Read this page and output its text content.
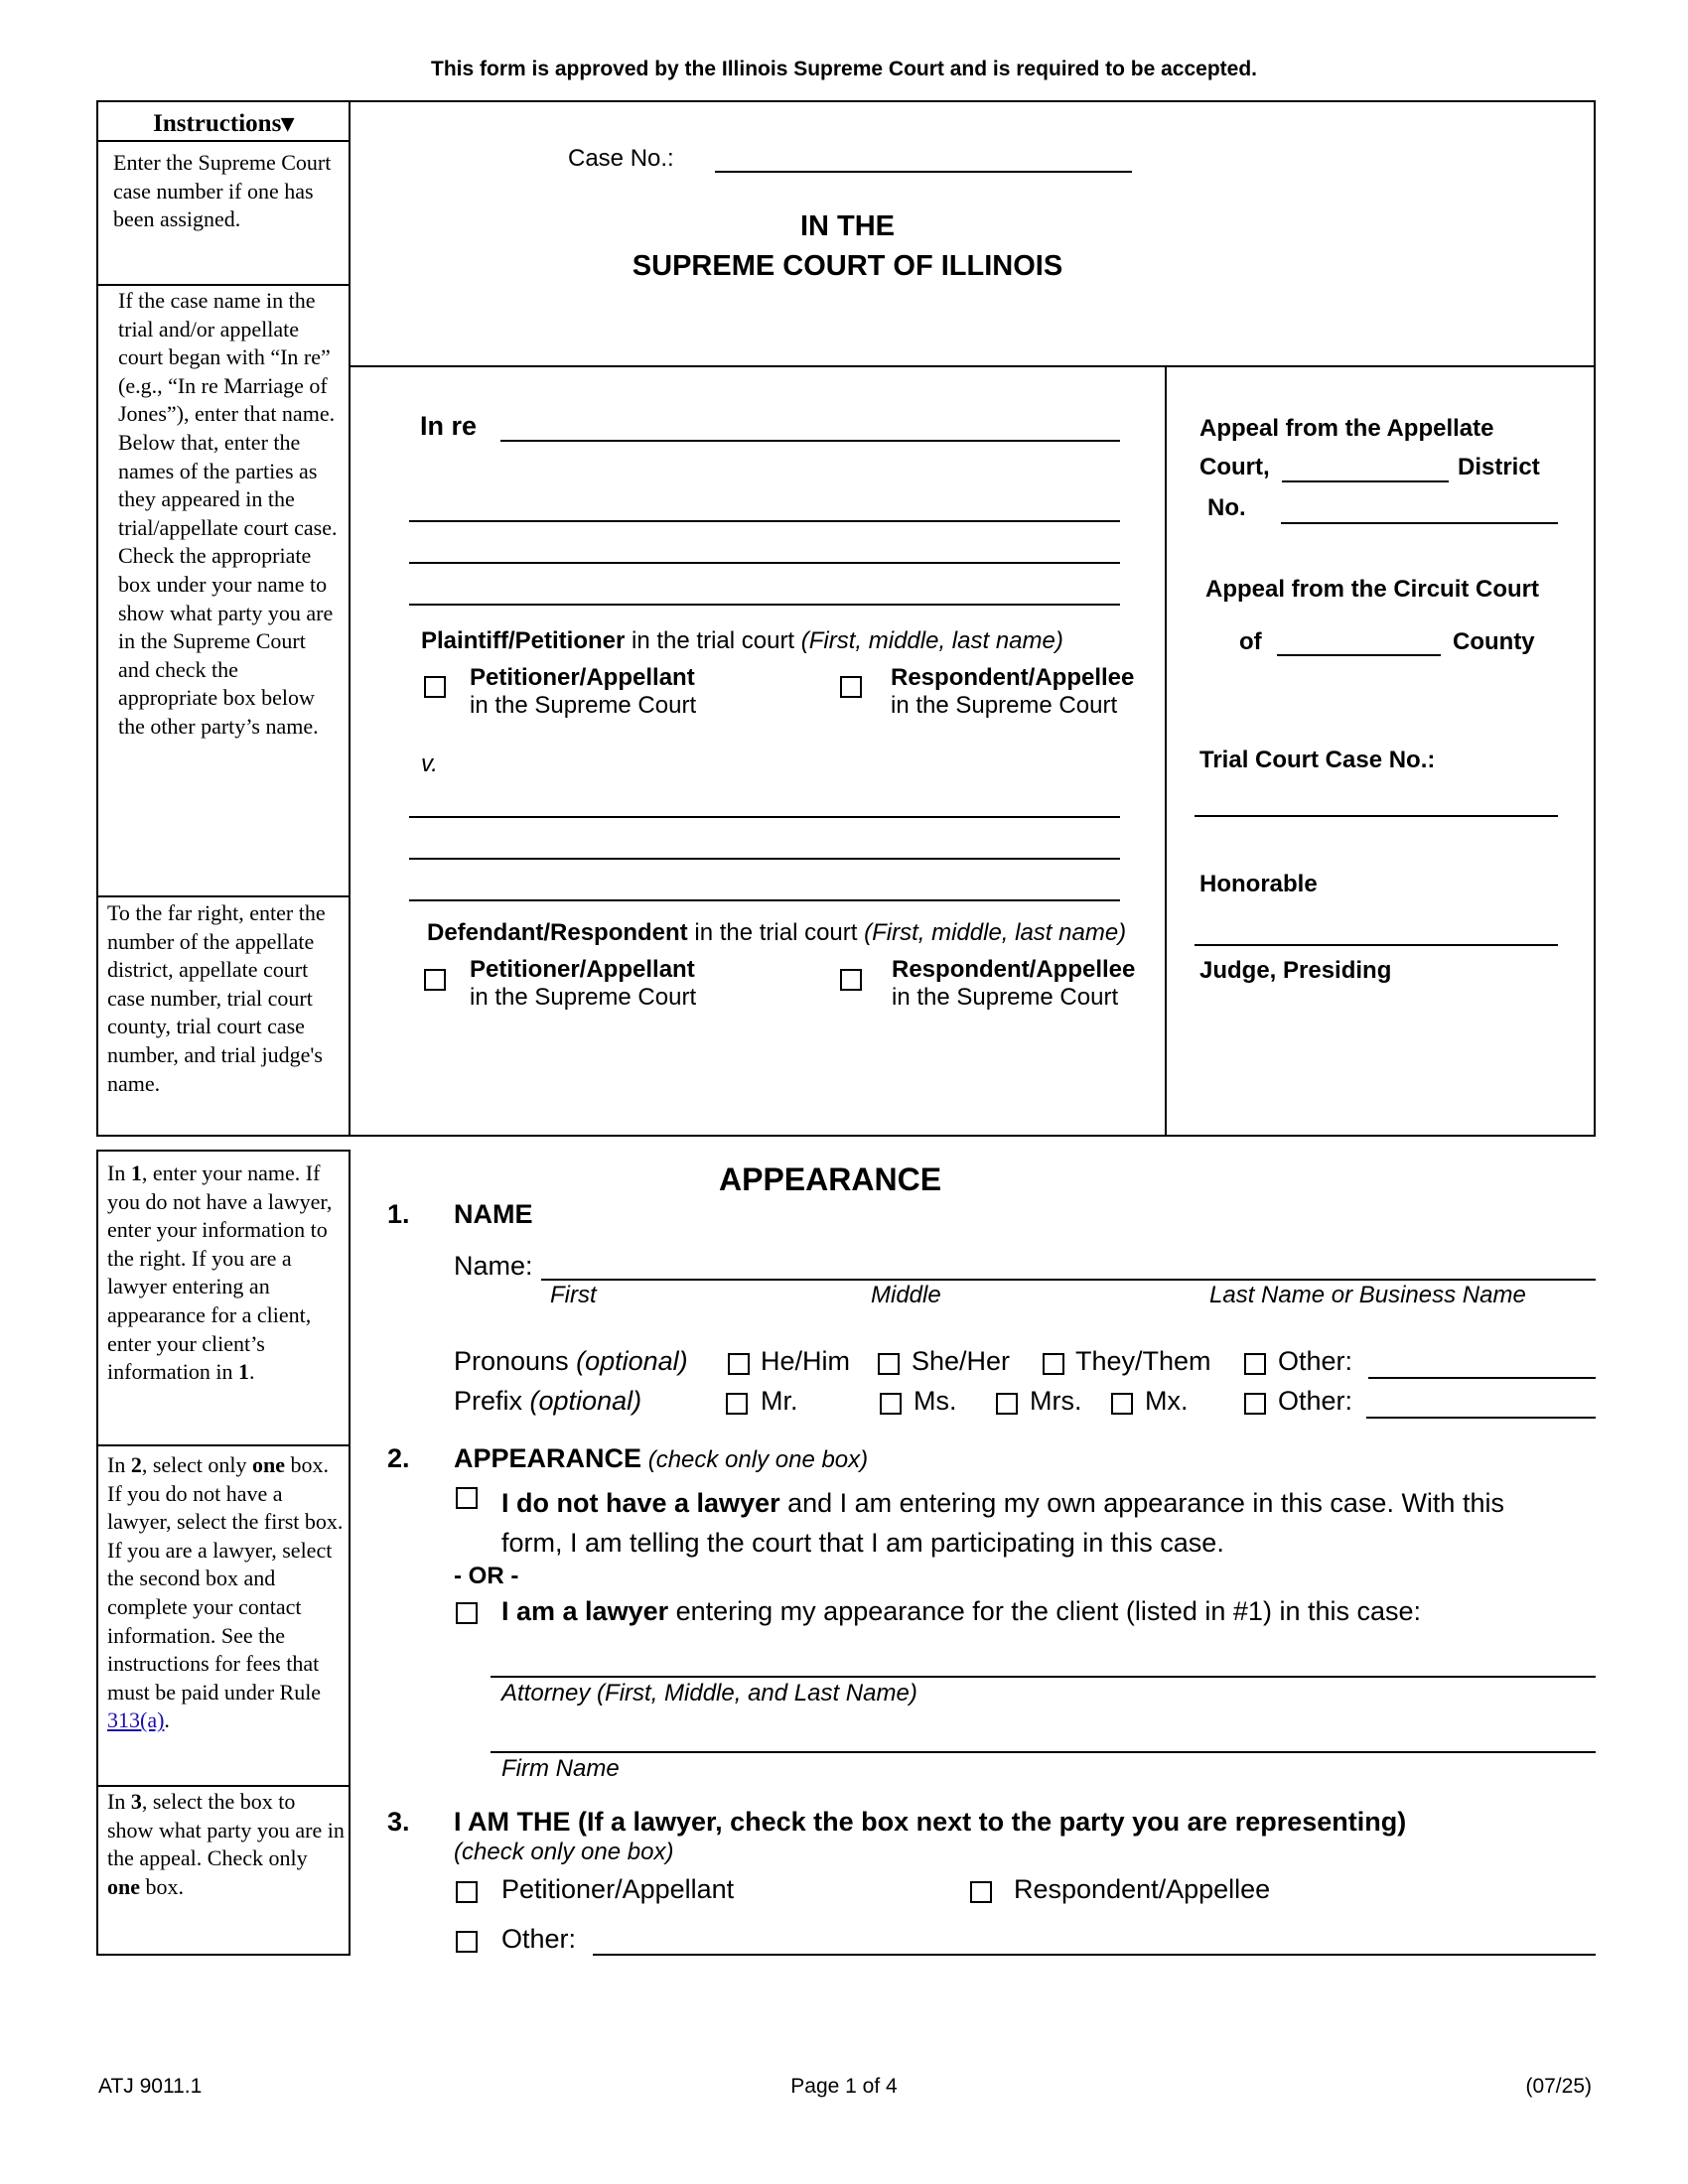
This form is approved by the Illinois Supreme Court and is required to be accepted.
Instructions▾
Enter the Supreme Court case number if one has been assigned.
If the case name in the trial and/or appellate court began with “In re” (e.g., “In re Marriage of Jones”), enter that name. Below that, enter the names of the parties as they appeared in the trial/appellate court case. Check the appropriate box under your name to show what party you are in the Supreme Court and check the appropriate box below the other party’s name.
To the far right, enter the number of the appellate district, appellate court case number, trial court county, trial court case number, and trial judge's name.
In 1, enter your name. If you do not have a lawyer, enter your information to the right. If you are a lawyer entering an appearance for a client, enter your client’s information in 1.
In 2, select only one box. If you do not have a lawyer, select the first box. If you are a lawyer, select the second box and complete your contact information. See the instructions for fees that must be paid under Rule 313(a).
In 3, select the box to show what party you are in the appeal. Check only one box.
Case No.:
IN THE
SUPREME COURT OF ILLINOIS
In re
Plaintiff/Petitioner in the trial court (First, middle, last name)
Petitioner/Appellant
in the Supreme Court
Respondent/Appellee
in the Supreme Court
v.
Defendant/Respondent in the trial court (First, middle, last name)
Petitioner/Appellant
in the Supreme Court
Respondent/Appellee
in the Supreme Court
Appeal from the Appellate
Court,	District
No.
Appeal from the Circuit Court
of	County
Trial Court Case No.:
Honorable
Judge, Presiding
APPEARANCE
1. NAME
Name:
First	Middle	Last Name or Business Name
Pronouns (optional)	He/Him She/Her They/Them Other:
Prefix (optional)	Mr.	Ms.	Mrs. Mx.	Other:
2. APPEARANCE (check only one box)
I do not have a lawyer and I am entering my own appearance in this case. With this
form, I am telling the court that I am participating in this case.
- OR -
I am a lawyer entering my appearance for the client (listed in #1) in this case:
Attorney (First, Middle, and Last Name)
Firm Name
3. I AM THE (If a lawyer, check the box next to the party you are representing)
(check only one box)
Petitioner/Appellant	Respondent/Appellee
Other:
ATJ 9011.1	Page 1 of 4	(07/25)
